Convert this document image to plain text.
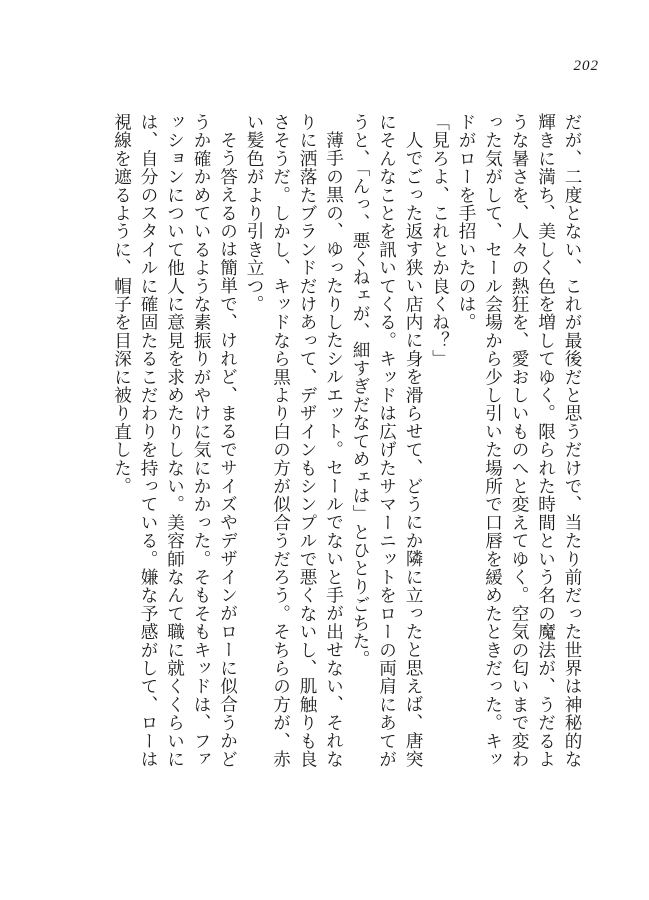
202

だが、二度とない、これが最後だと思うだけで、当たり前だった世界は神秘的な輝きに満ち、美しく色を増してゆく。限られた時間という名の魔法が、うだるような暑さを、人々の熱狂を、愛おしいものへと変えてゆく。空気の匂いまで変わった気がして、セール会場から少し引いた場所で口唇を緩めたときだった。キッドがローを手招いたのは。

「見ろよ、これとか良くね？」

人でごった返す狭い店内に身を滑らせて、どうにか隣に立ったと思えば、唐突にそんなことを訊いてくる。キッドは広げたサマーニットをローの両肩にあてがうと、「んっ、悪くねェが、細すぎだなてめェは」とひとりごちた。

薄手の黒の、ゆったりしたシルエット。セールでないと手が出せない、それなりに洒落たブランドだけあって、デザインもシンプルで悪くないし、肌触りも良さそうだ。しかし、キッドなら黒より白の方が似合うだろう。そちらの方が、赤い髪色がより引き立つ。

そう答えるのは簡単で、けれど、まるでサイズやデザインがローに似合うかどうか確かめているような素振りがやけに気にかかった。そもそもキッドは、ファッションについて他人に意見を求めたりしない。美容師なんて職に就くくらいには、自分のスタイルに確固たるこだわりを持っている。嫌な予感がして、ローは視線を遮るように、帽子を目深に被り直した。
